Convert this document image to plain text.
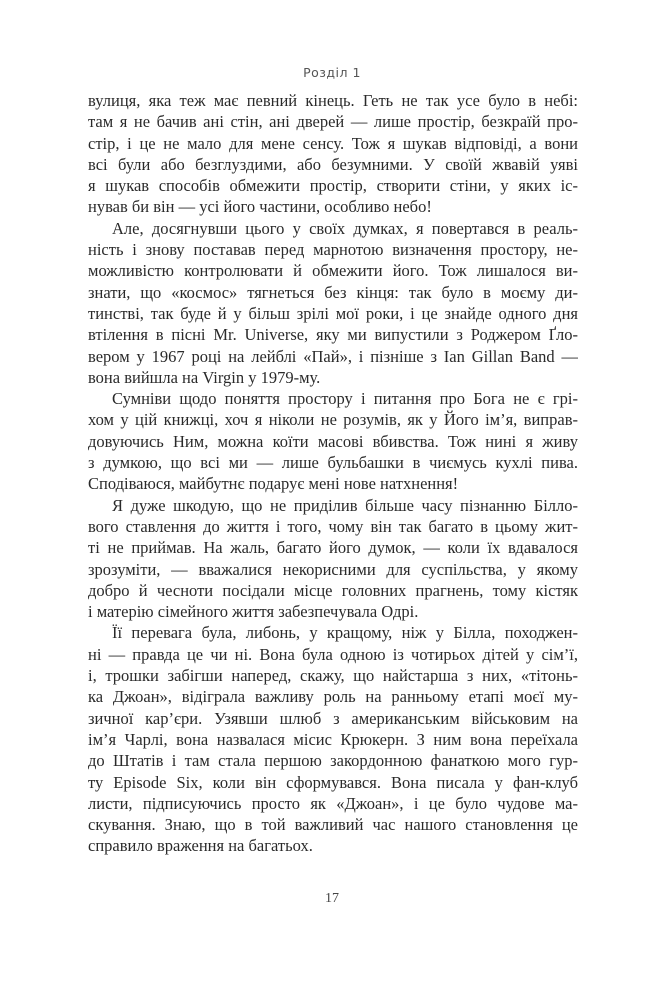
Розділ 1
вулиця, яка теж має певний кінець. Геть не так усе було в небі:
там я не бачив ані стін, ані дверей — лише простір, безкраїй про-
стір, і це не мало для мене сенсу. Тож я шукав відповіді, а вони
всі були або безглуздими, або безумними. У своїй жвавій уяві
я шукав способів обмежити простір, створити стіни, у яких іс-
нував би він — усі його частини, особливо небо!
Але, досягнувши цього у своїх думках, я повертався в реаль-
ність і знову поставав перед марнотою визначення простору, не-
можливістю контролювати й обмежити його. Тож лишалося ви-
знати, що «космос» тягнеться без кінця: так було в моєму ди-
тинстві, так буде й у більш зрілі мої роки, і це знайде одного дня
втілення в пісні Mr. Universe, яку ми випустили з Роджером Ґло-
вером у 1967 році на лейблі «Пай», і пізніше з Ian Gillan Band —
вона вийшла на Virgin у 1979-му.
Сумніви щодо поняття простору і питання про Бога не є грі-
хом у цій книжці, хоч я ніколи не розумів, як у Його ім’я, виправ-
довуючись Ним, можна коїти масові вбивства. Тож нині я живу
з думкою, що всі ми — лише бульбашки в чиємусь кухлі пива.
Сподіваюся, майбутнє подарує мені нове натхнення!
Я дуже шкодую, що не приділив більше часу пізнанню Білло-
вого ставлення до життя і того, чому він так багато в цьому жит-
ті не приймав. На жаль, багато його думок, — коли їх вдавалося
зрозуміти, — вважалися некорисними для суспільства, у якому
добро й чесноти посідали місце головних прагнень, тому кістяк
і матерію сімейного життя забезпечувала Одрі.
Її перевага була, либонь, у кращому, ніж у Білла, походжен-
ні — правда це чи ні. Вона була одною із чотирьох дітей у сім’ї,
і, трошки забігши наперед, скажу, що найстарша з них, «тітонь-
ка Джоан», відіграла важливу роль на ранньому етапі моєї му-
зичної кар’єри. Узявши шлюб з американським військовим на
ім’я Чарлі, вона назвалася місис Крюкерн. З ним вона переїхала
до Штатів і там стала першою закордонною фанаткою мого гур-
ту Episode Six, коли він сформувався. Вона писала у фан-клуб
листи, підписуючись просто як «Джоан», і це було чудове ма-
скування. Знаю, що в той важливий час нашого становлення це
справило враження на багатьох.
17
